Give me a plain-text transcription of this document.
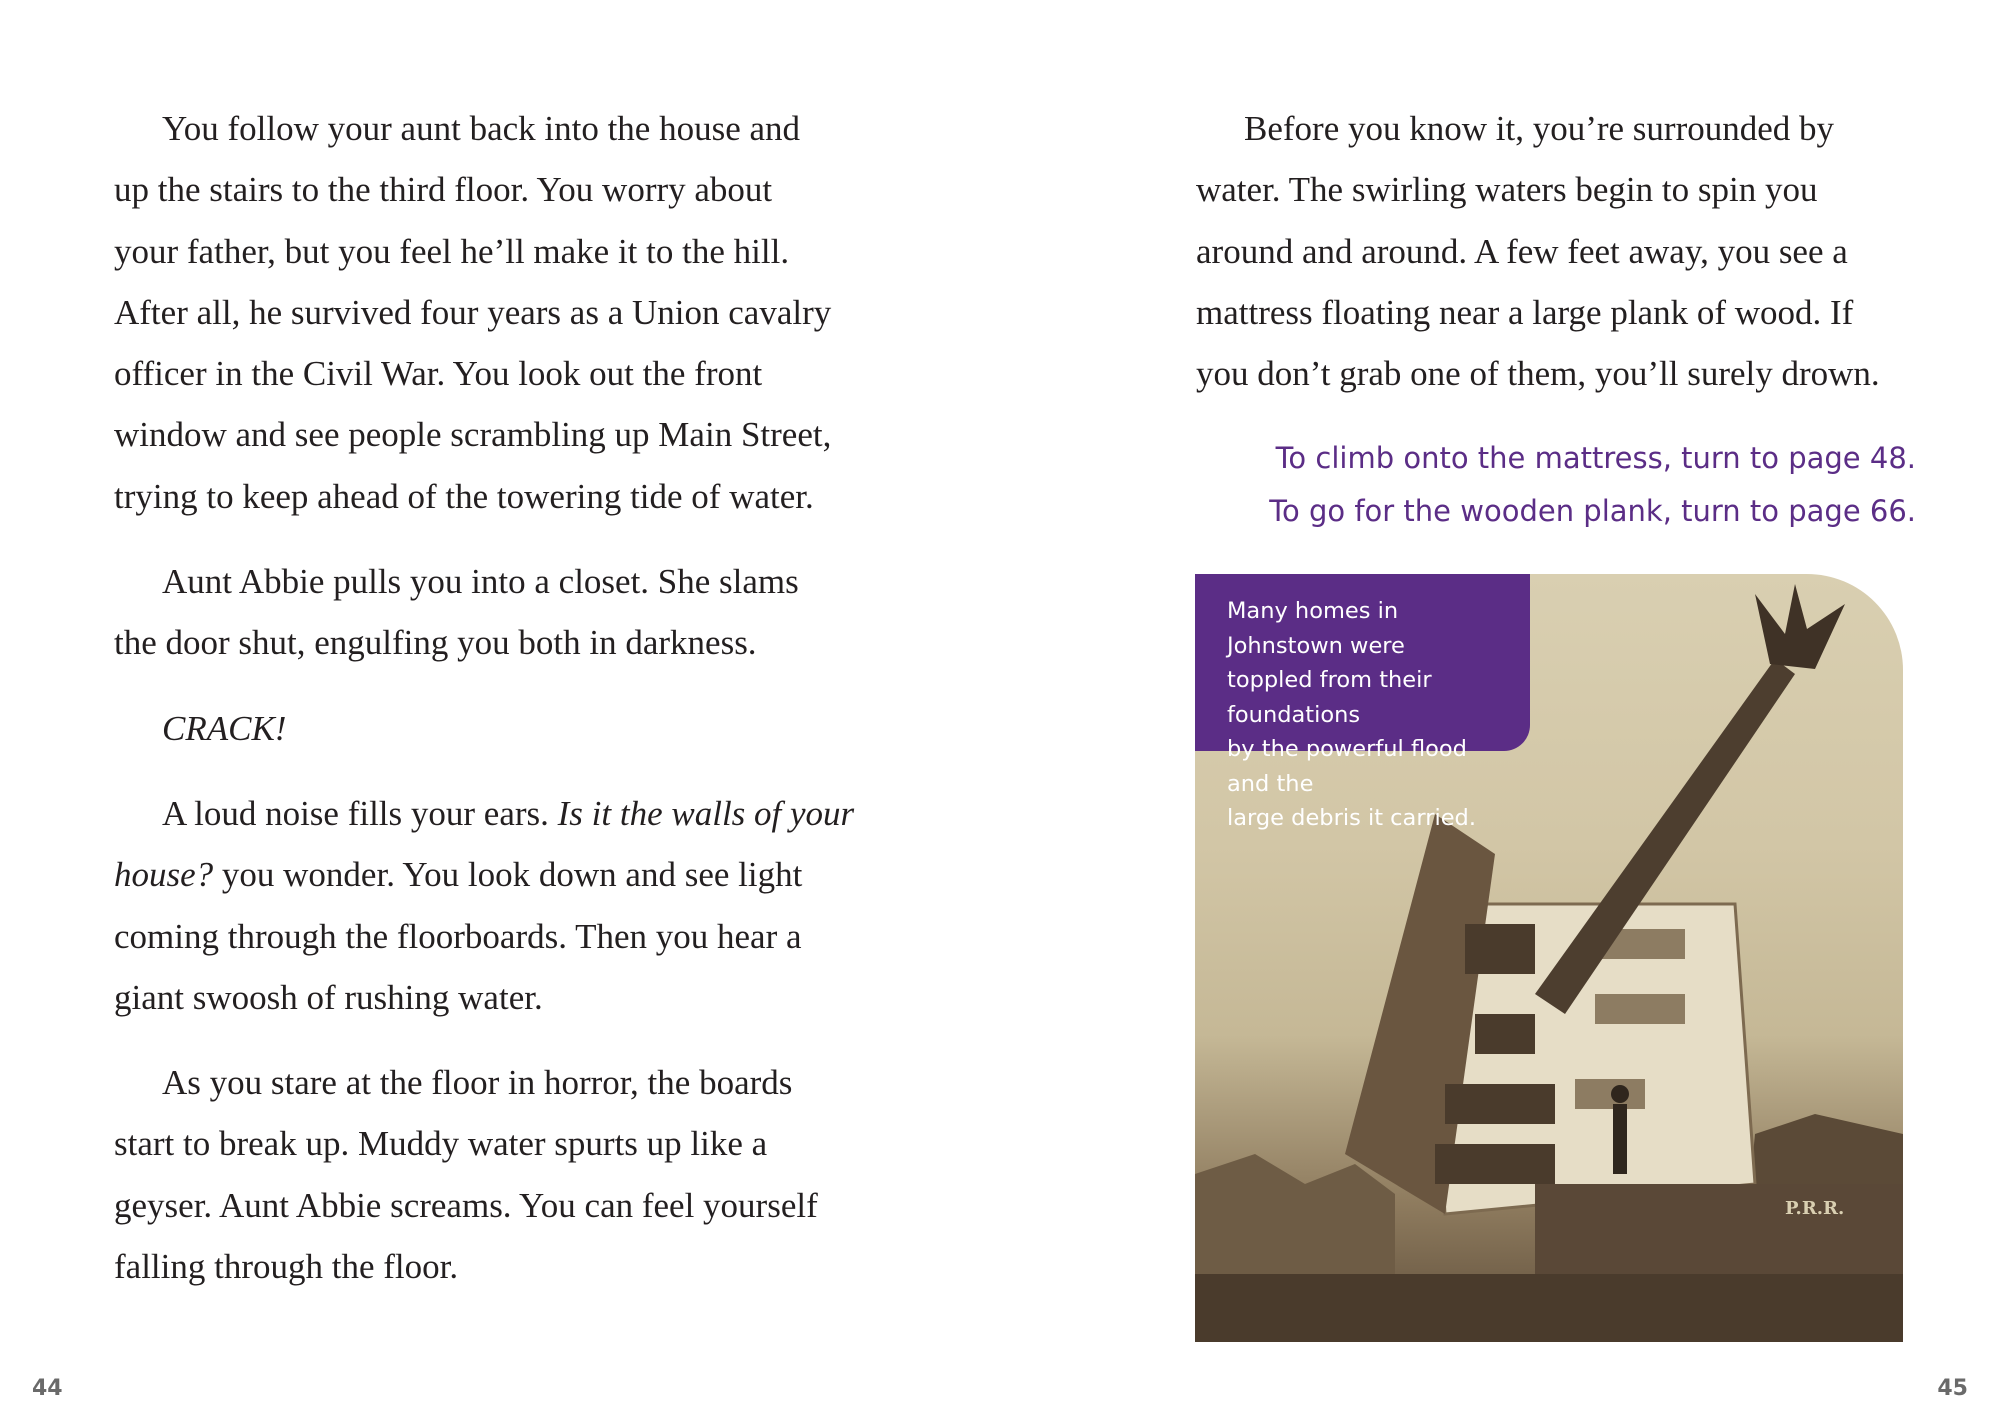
You follow your aunt back into the house and
up the stairs to the third floor. You worry about
your father, but you feel he’ll make it to the hill.
After all, he survived four years as a Union cavalry
officer in the Civil War. You look out the front
window and see people scrambling up Main Street,
trying to keep ahead of the towering tide of water.

Aunt Abbie pulls you into a closet. She slams
the door shut, engulfing you both in darkness.

CRACK!

A loud noise fills your ears. Is it the walls of your
house? you wonder. You look down and see light
coming through the floorboards. Then you hear a
giant swoosh of rushing water.

As you stare at the floor in horror, the boards
start to break up. Muddy water spurts up like a
geyser. Aunt Abbie screams. You can feel yourself
falling through the floor.

44

Before you know it, you’re surrounded by
water. The swirling waters begin to spin you
around and around. A few feet away, you see a
mattress floating near a large plank of wood. If
you don’t grab one of them, you’ll surely drown.

To climb onto the mattress, turn to page 48.
To go for the wooden plank, turn to page 66.
P.R.R.
Many homes in Johnstown were
toppled from their foundations
by the powerful flood and the
large debris it carried.
45
